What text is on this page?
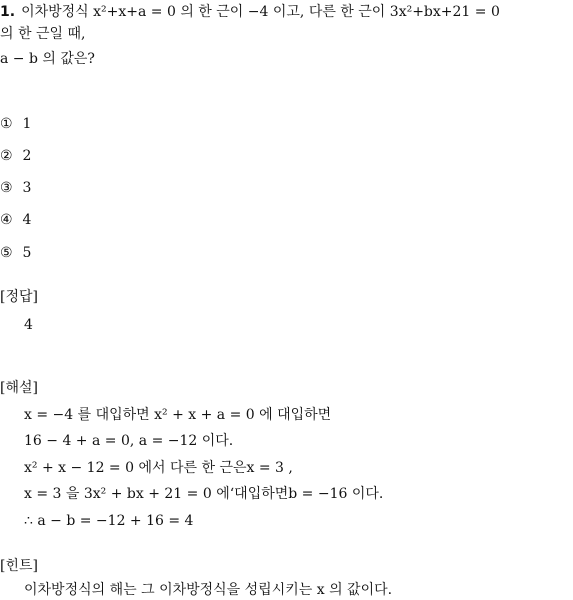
1. 이차방정식 x²+x+a = 0 의 한 근이 −4 이고, 다른 한 근이 3x²+bx+21 = 0
의 한 근일 때,
a − b 의 값은?
① 1
② 2
③ 3
④ 4
⑤ 5
[정답]
4
[해설]
x = −4 를 대입하면 x² + x + a = 0 에 대입하면
16 − 4 + a = 0, a = −12 이다.
x² + x − 12 = 0 에서 다른 한 근은x = 3 ,
x = 3 을 3x² + bx + 21 = 0 에‘대입하면b = −16 이다.
∴ a − b = −12 + 16 = 4
[힌트]
이차방정식의 해는 그 이차방정식을 성립시키는 x 의 값이다.
